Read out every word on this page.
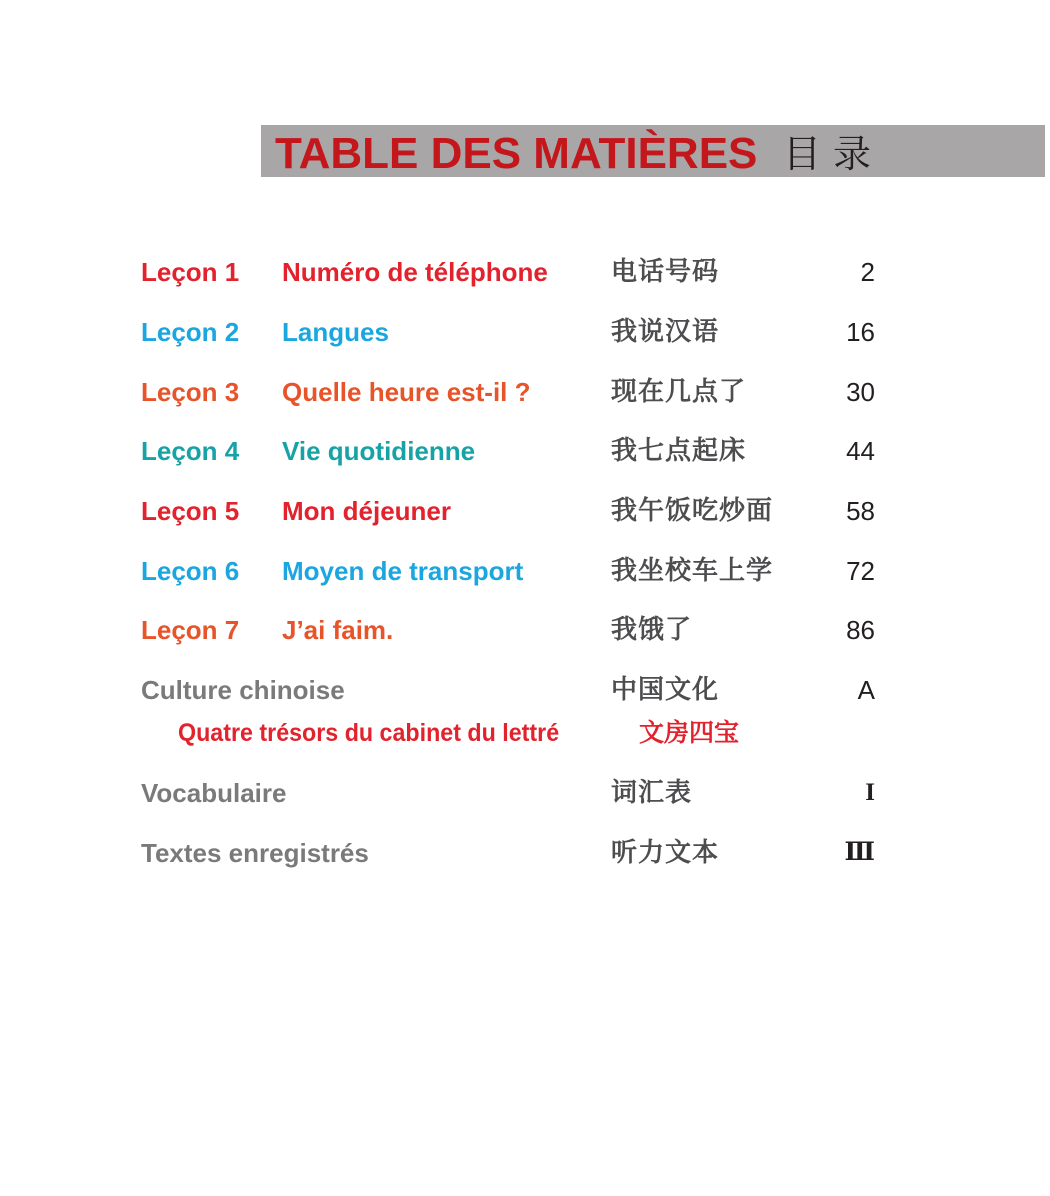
TABLE DES MATIÈRES 目录
Leçon 1 Numéro de téléphone 电话号码	2
Leçon 2 Langues	我说汉语	16
Leçon 3 Quelle heure est-il ?	现在几点了	30
Leçon 4 Vie quotidienne	我七点起床	44
Leçon 5 Mon déjeuner	我午饭吃炒面	58
Leçon 6 Moyen de transport	我坐校车上学	72
Leçon 7 J’ai faim.	我饿了	86
Culture chinoise	中国文化	A
Quatre trésors du cabinet du lettré	文房四宝
Vocabulaire	词汇表	I
Textes enregistrés	听力文本	Ⅲ
